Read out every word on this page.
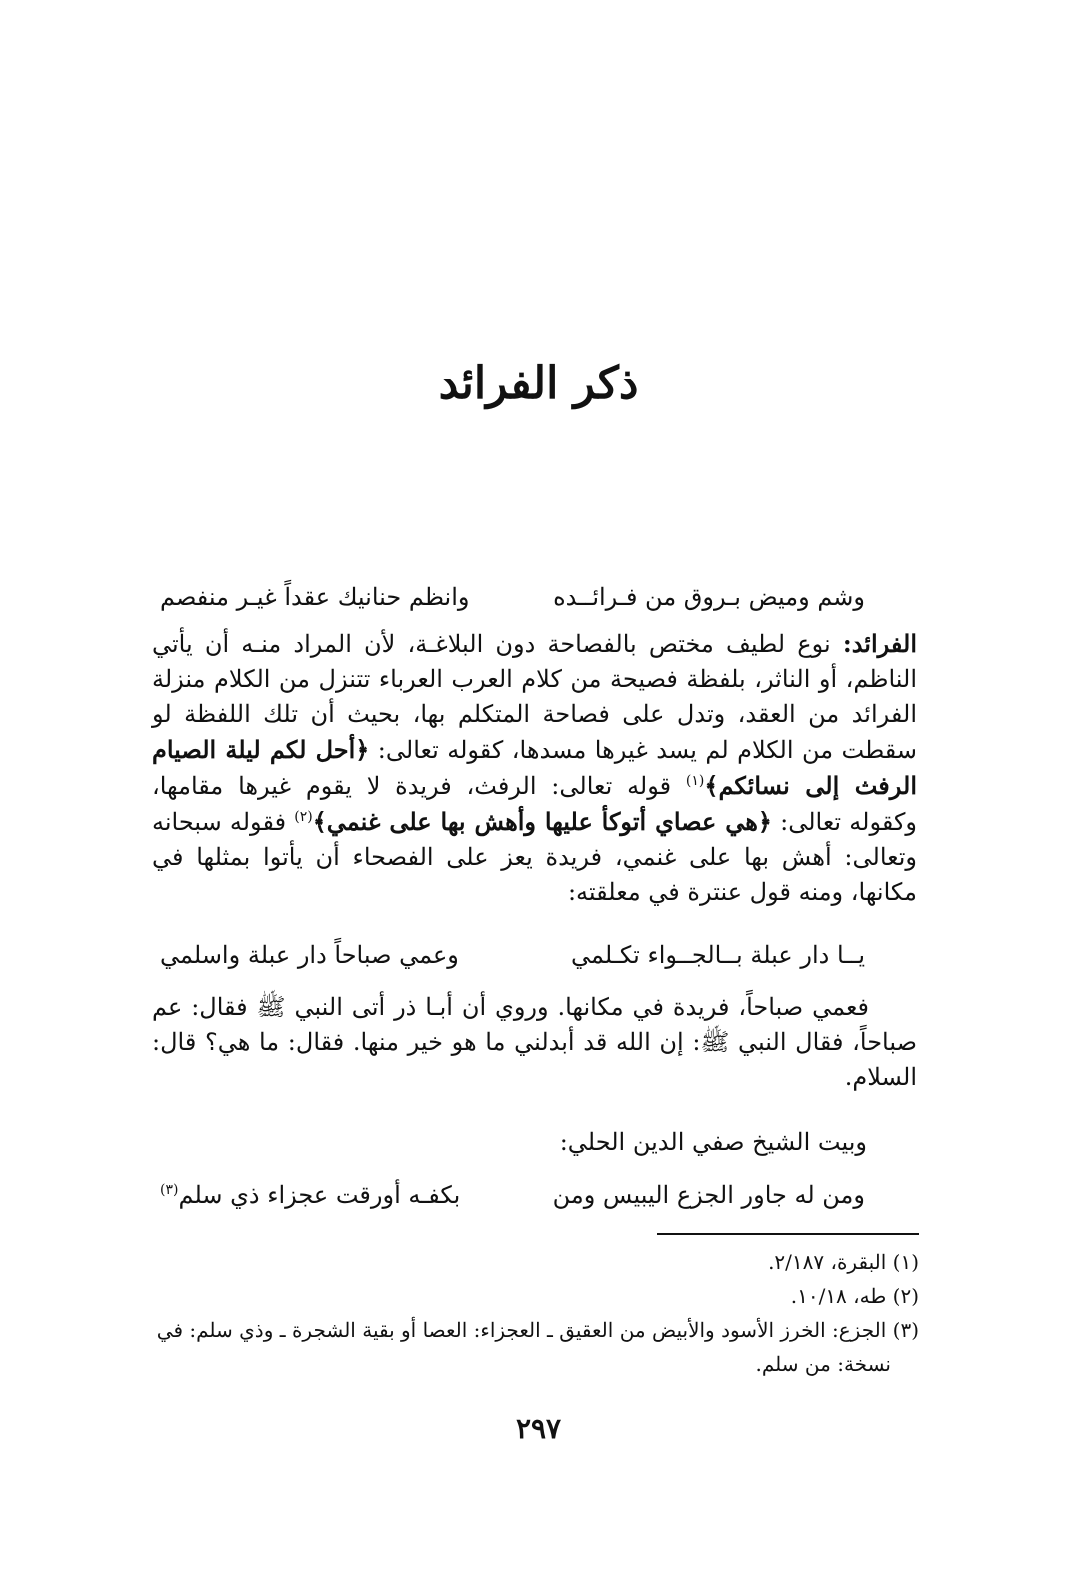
ذكر الفرائد
وشم وميض بـروق من فـرائــده
وانظم حنانيك عقداً غيـر منفصم

الفرائد: نوع لطيف مختص بالفصاحة دون البلاغـة، لأن المراد منـه أن يأتي الناظم، أو الناثر، بلفظة فصيحة من كلام العرب العرباء تتنزل من الكلام منزلة الفرائد من العقد، وتدل على فصاحة المتكلم بها، بحيث أن تلك اللفظة لو سقطت من الكلام لم يسد غيرها مسدها، كقوله تعالى: ﴿أحل لكم ليلة الصيام الرفث إلى نسائكم﴾$^{(١)}$ قوله تعالى: الرفث، فريدة لا يقوم غيرها مقامها، وكقوله تعالى: ﴿هي عصاي أتوكأ عليها وأهش بها على غنمي﴾$^{(٢)}$ فقوله سبحانه وتعالى: أهش بها على غنمي، فريدة يعز على الفصحاء أن يأتوا بمثلها في مكانها، ومنه قول عنترة في معلقته:

يــا دار عبلة بــالجــواء تكـلمي
وعمي صباحاً دار عبلة واسلمي

فعمي صباحاً، فريدة في مكانها. وروي أن أبـا ذر أتى النبي ﷺ فقال: عم صباحاً، فقال النبي ﷺ: إن الله قد أبدلني ما هو خير منها. فقال: ما هي؟ قال: السلام.

وبيت الشيخ صفي الدين الحلي:
ومن له جاور الجزع اليبيس ومن
بكفـه أورقت عجزاء ذي سلم$^{(٣)}$
(١) البقرة، ٢/١٨٧.
(٢) طه، ١٠/١٨.
(٣) الجزع: الخرز الأسود والأبيض من العقيق ـ العجزاء: العصا أو بقية الشجرة ـ وذي سلم: في
نسخة: من سلم.
٢٩٧
